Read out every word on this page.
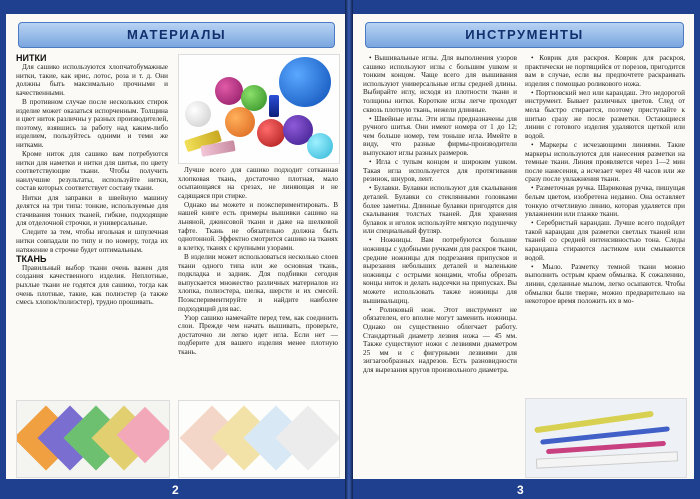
МАТЕРИАЛЫ

НИТКИ

Для сашико используются хлопчатобумажные нитки, такие, как ирис, лотос, роза и т. д. Они должны быть максимально прочными и качественными.

В противном случае после нескольких стирок изделие может оказаться испорченным. Толщина и цвет ниток различны у разных производителей, поэтому, взявшись за работу над каким-либо изделием, пользуйтесь одними и теми же нитками.

Кроме ниток для сашико вам потребуются нитки для наметки и нитки для шитья, по цвету соответствующие ткани. Чтобы получить наилучшие результаты, используйте нитки, состав которых соответствует составу ткани.

Нитки для заправки в швейную машину делятся на три типа: тонкие, используемые для стачивания тонких тканей, гибкие, подходящие для отделочной строчки, и универсальные.

Следите за тем, чтобы игольная и шпулечная нитки совпадали по типу и по номеру, тогда их натяжение в строчке будет оптимальным.

ТКАНЬ

Правильный выбор ткани очень важен для создания качественного изделия. Неплотные, рыхлые ткани не годятся для сашико, тогда как очень плотные, такие, как полиэстер (а также смесь хлопок/полиэстер), трудно прошивать.

Лучше всего для сашико подходит сотканная хлопковая ткань, достаточно плотная, мало осыпающаяся на срезах, не линяющая и не садящаяся при стирке.

Однако вы можете и поэкспериментировать. В нашей книге есть примеры вышивки сашико на льняной, джинсовой ткани и даже на шелковой тафте. Ткань не обязательно должна быть однотонной. Эффектно смотрится сашико на тканях в клетку, тканях с крупными узорами.

В изделии может использоваться несколько слоев ткани одного типа или же основная ткань, подкладка и задник. Для подбивки сегодня выпускается множество различных материалов из хлопка, полиэстера, шелка, шерсти и их смесей. Поэкспериментируйте и найдите наиболее подходящий для вас.

Узор сашико намечайте перед тем, как соединить слои. Прежде чем начать вышивать, проверьте, достаточно ли легко идет игла. Если нет — подберите для вашего изделия менее плотную ткань.

2
ИНСТРУМЕНТЫ

• Вышивальные иглы. Для выполнения узоров сашико используют иглы с большим ушком и тонким концом. Чаще всего для вышивания используют универсальные иглы средней длины. Выбирайте иглу, исходя из плотности ткани и толщины нитки. Короткие иглы легче проходят сквозь плотную ткань, нежели длинные.

• Швейные иглы. Эти иглы предназначены для ручного шитья. Они имеют номера от 1 до 12; чем больше номер, тем тоньше игла. Имейте в виду, что разные фирмы-производители выпускают иглы разных размеров.

• Игла с тупым концом и широким ушком. Такая игла используется для протягивания резинок, шнуров, лент.

• Булавки. Булавки используют для скалывания деталей. Булавки со стеклянными головками более заметны. Длинные булавки пригодятся для скалывания толстых тканей. Для хранения булавок и иголок используйте мягкую подушечку или специальный футляр.

• Ножницы. Вам потребуются большие ножницы с удобными ручками для раскроя ткани, средние ножницы для подрезания припусков и вырезания небольших деталей и маленькие ножницы с острыми концами, чтобы обрезать концы ниток и делать надсечки на припусках. Вы можете использовать также ножницы для вышивальщиц.

• Роликовый нож. Этот инструмент не обязателен, его вполне могут заменить ножницы. Однако он существенно облегчает работу. Стандартный диаметр лезвия ножа — 45 мм. Также существуют ножи с лезвиями диаметром 25 мм и с фигурными лезвиями для зигзагообразных надрезов. Есть разновидности для вырезания кругов произвольного диаметра.

• Коврик для раскроя. Коврик для раскроя, практически не портящийся от порезов, пригодится вам в случае, если вы предпочтете раскраивать изделия с помощью роликового ножа.

• Портновский мел или карандаш. Это недорогой инструмент. Бывает различных цветов. След от мела быстро стирается, поэтому приступайте к шитью сразу же после разметки. Остающиеся линии с готового изделия удаляются щеткой или водой.

• Маркеры с исчезающими линиями. Такие маркеры используются для нанесения разметки на темные ткани. Линия проявляется через 1—2 мин после нанесения, а исчезает через 48 часов или же сразу после увлажнения ткани.

• Разметочная ручка. Шариковая ручка, пишущая белым цветом, изобретена недавно. Она оставляет тонкую отчетливую линию, которая удаляется при увлажнении или глажке ткани.

• Серебристый карандаш. Лучше всего подойдет такой карандаш для разметки светлых тканей или тканей со средней интенсивностью тона. Следы карандаша стираются ластиком или смываются водой.

• Мыло. Разметку темной ткани можно выполнить острым краем обмылка. К сожалению, линии, сделанные мылом, легко осыпаются. Чтобы обмылки были тверже, можно предварительно на некоторое время положить их в мо-

3
